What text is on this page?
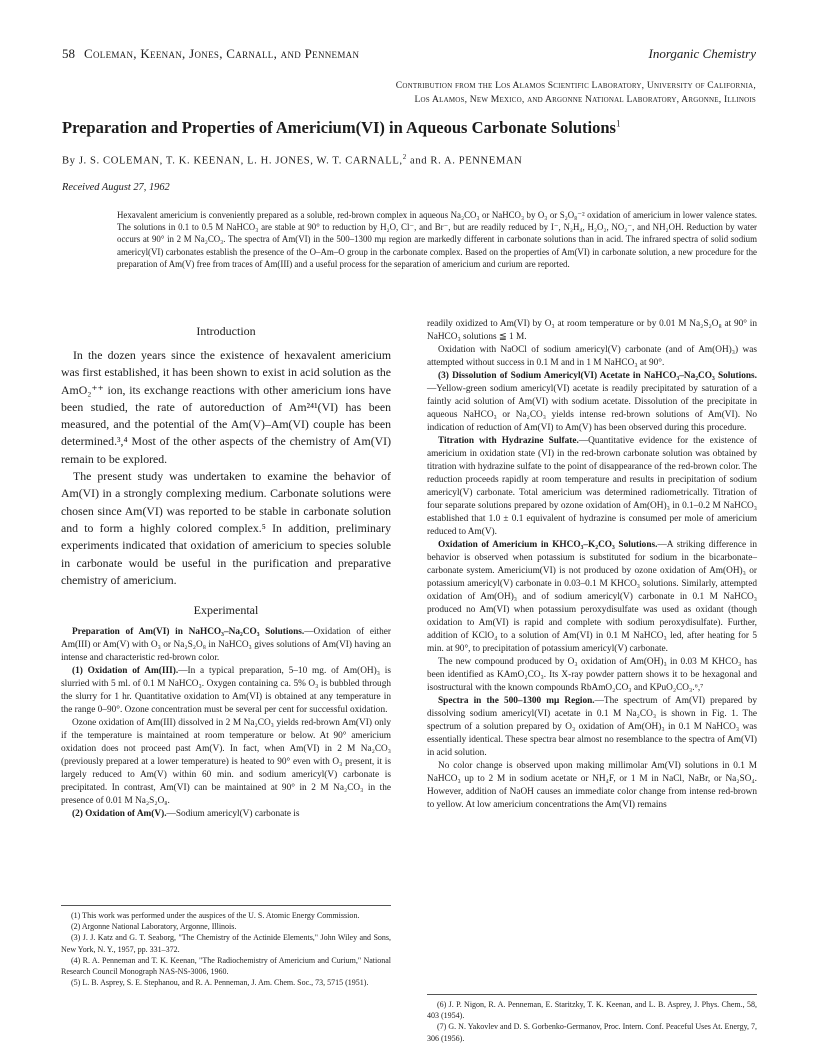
58 Coleman, Keenan, Jones, Carnall, and Penneman	Inorganic Chemistry
Contribution from the Los Alamos Scientific Laboratory, University of California,
Los Alamos, New Mexico, and Argonne National Laboratory, Argonne, Illinois
Preparation and Properties of Americium(VI) in Aqueous Carbonate Solutions$^1$
By J. S. COLEMAN, T. K. KEENAN, L. H. JONES, W. T. CARNALL,$^2$ and R. A. PENNEMAN
Received August 27, 1962
Hexavalent americium is conveniently prepared as a soluble, red-brown complex in aqueous Na₂CO₃ or NaHCO₃ by O₃ or S₂O₈⁻² oxidation of americium in lower valence states. The solutions in 0.1 to 0.5 M NaHCO₃ are stable at 90° to reduction by H₂O, Cl⁻, and Br⁻, but are readily reduced by I⁻, N₂H₄, H₂O₂, NO₂⁻, and NH₂OH. Reduction by water occurs at 90° in 2 M Na₂CO₃. The spectra of Am(VI) in the 500–1300 mμ region are markedly different in carbonate solutions than in acid. The infrared spectra of solid sodium americyl(VI) carbonates establish the presence of the O–Am–O group in the carbonate complex. Based on the properties of Am(VI) in carbonate solution, a new procedure for the preparation of Am(V) free from traces of Am(III) and a useful process for the separation of americium and curium are reported.
Introduction

In the dozen years since the existence of hexavalent americium was first established, it has been shown to exist in acid solution as the AmO₂⁺⁺ ion, its exchange reactions with other americium ions have been studied, the rate of autoreduction of Am²⁴¹(VI) has been measured, and the potential of the Am(V)–Am(VI) couple has been determined.³,⁴ Most of the other aspects of the chemistry of Am(VI) remain to be explored.

The present study was undertaken to examine the behavior of Am(VI) in a strongly complexing medium. Carbonate solutions were chosen since Am(VI) was reported to be stable in carbonate solution and to form a highly colored complex.⁵ In addition, preliminary experiments indicated that oxidation of americium to species soluble in carbonate would be useful in the purification and preparative chemistry of americium.

Experimental

Preparation of Am(VI) in NaHCO₃–Na₂CO₃ Solutions.—Oxidation of either Am(III) or Am(V) with O₃ or Na₂S₂O₈ in NaHCO₃ gives solutions of Am(VI) having an intense and characteristic red-brown color.

(1) Oxidation of Am(III).—In a typical preparation, 5–10 mg. of Am(OH)₃ is slurried with 5 ml. of 0.1 M NaHCO₃. Oxygen containing ca. 5% O₃ is bubbled through the slurry for 1 hr. Quantitative oxidation to Am(VI) is obtained at any temperature in the range 0–90°. Ozone concentration must be several per cent for successful oxidation.

Ozone oxidation of Am(III) dissolved in 2 M Na₂CO₃ yields red-brown Am(VI) only if the temperature is maintained at room temperature or below. At 90° americium oxidation does not proceed past Am(V). In fact, when Am(VI) in 2 M Na₂CO₃ (previously prepared at a lower temperature) is heated to 90° even with O₃ present, it is largely reduced to Am(V) within 60 min. and sodium americyl(V) carbonate is precipitated. In contrast, Am(VI) can be maintained at 90° in 2 M Na₂CO₃ in the presence of 0.01 M Na₂S₂O₈.

(2) Oxidation of Am(V).—Sodium americyl(V) carbonate is

readily oxidized to Am(VI) by O₃ at room temperature or by 0.01 M Na₂S₂O₈ at 90° in NaHCO₃ solutions ≦ 1 M.

Oxidation with NaOCl of sodium americyl(V) carbonate (and of Am(OH)₃) was attempted without success in 0.1 M and in 1 M NaHCO₃ at 90°.

(3) Dissolution of Sodium Americyl(VI) Acetate in NaHCO₃–Na₂CO₃ Solutions.—Yellow-green sodium americyl(VI) acetate is readily precipitated by saturation of a faintly acid solution of Am(VI) with sodium acetate. Dissolution of the precipitate in aqueous NaHCO₃ or Na₂CO₃ yields intense red-brown solutions of Am(VI). No indication of reduction of Am(VI) to Am(V) has been observed during this procedure.

Titration with Hydrazine Sulfate.—Quantitative evidence for the existence of americium in oxidation state (VI) in the red-brown carbonate solution was obtained by titration with hydrazine sulfate to the point of disappearance of the red-brown color. The reduction proceeds rapidly at room temperature and results in precipitation of sodium americyl(V) carbonate. Total americium was determined radiometrically. Titration of four separate solutions prepared by ozone oxidation of Am(OH)₃ in 0.1–0.2 M NaHCO₃ established that 1.0 ± 0.1 equivalent of hydrazine is consumed per mole of americium reduced to Am(V).

Oxidation of Americium in KHCO₃–K₂CO₃ Solutions.—A striking difference in behavior is observed when potassium is substituted for sodium in the bicarbonate–carbonate system. Americium(VI) is not produced by ozone oxidation of Am(OH)₃ or potassium americyl(V) carbonate in 0.03–0.1 M KHCO₃ solutions. Similarly, attempted oxidation of Am(OH)₃ and of sodium americyl(V) carbonate in 0.1 M NaHCO₃ produced no Am(VI) when potassium peroxydisulfate was used as oxidant (though oxidation to Am(VI) is rapid and complete with sodium peroxydisulfate). Further, addition of KClO₄ to a solution of Am(VI) in 0.1 M NaHCO₃ led, after heating for 5 min. at 90°, to precipitation of potassium americyl(V) carbonate.

The new compound produced by O₃ oxidation of Am(OH)₃ in 0.03 M KHCO₃ has been identified as KAmO₂CO₃. Its X-ray powder pattern shows it to be hexagonal and isostructural with the known compounds RbAmO₂CO₃ and KPuO₂CO₃.⁶,⁷

Spectra in the 500–1300 mμ Region.—The spectrum of Am(VI) prepared by dissolving sodium americyl(VI) acetate in 0.1 M Na₂CO₃ is shown in Fig. 1. The spectrum of a solution prepared by O₃ oxidation of Am(OH)₃ in 0.1 M NaHCO₃ was essentially identical. These spectra bear almost no resemblance to the spectra of Am(VI) in acid solution.

No color change is observed upon making millimolar Am(VI) solutions in 0.1 M NaHCO₃ up to 2 M in sodium acetate or NH₄F, or 1 M in NaCl, NaBr, or Na₂SO₄. However, addition of NaOH causes an immediate color change from intense red-brown to yellow. At low americium concentrations the Am(VI) remains

(1) This work was performed under the auspices of the U. S. Atomic Energy Commission.

(2) Argonne National Laboratory, Argonne, Illinois.

(3) J. J. Katz and G. T. Seaborg, "The Chemistry of the Actinide Elements," John Wiley and Sons, New York, N. Y., 1957, pp. 331–372.

(4) R. A. Penneman and T. K. Keenan, "The Radiochemistry of Americium and Curium," National Research Council Monograph NAS-NS-3006, 1960.

(5) L. B. Asprey, S. E. Stephanou, and R. A. Penneman, J. Am. Chem. Soc., 73, 5715 (1951).

(6) J. P. Nigon, R. A. Penneman, E. Staritzky, T. K. Keenan, and L. B. Asprey, J. Phys. Chem., 58, 403 (1954).

(7) G. N. Yakovlev and D. S. Gorbenko-Germanov, Proc. Intern. Conf. Peaceful Uses At. Energy, 7, 306 (1956).
